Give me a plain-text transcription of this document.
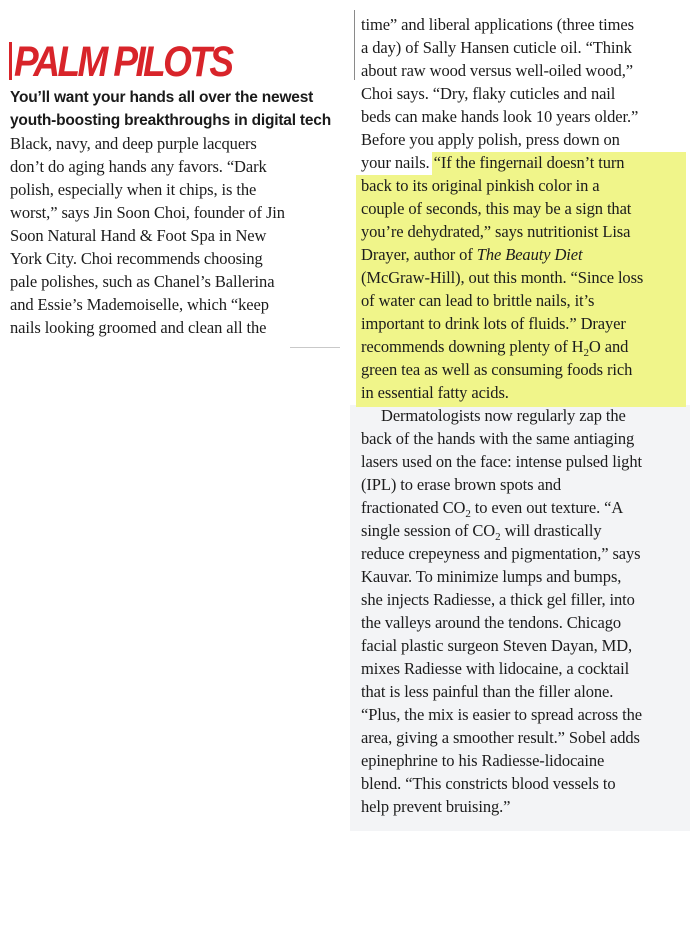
PALM PILOTS
You’ll want your hands all over the newest
youth-boosting breakthroughs in digital tech
Black, navy, and deep purple lacquers
don’t do aging hands any favors. “Dark
polish, especially when it chips, is the
worst,” says Jin Soon Choi, founder of Jin
Soon Natural Hand & Foot Spa in New
York City. Choi recommends choosing
pale polishes, such as Chanel’s Ballerina
and Essie’s Mademoiselle, which “keep
nails looking groomed and clean all the
time” and liberal applications (three times
a day) of Sally Hansen cuticle oil. “Think
about raw wood versus well-oiled wood,”
Choi says. “Dry, flaky cuticles and nail
beds can make hands look 10 years older.”
Before you apply polish, press down on
your nails. “If the fingernail doesn’t turn
back to its original pinkish color in a
couple of seconds, this may be a sign that
you’re dehydrated,” says nutritionist Lisa
Drayer, author of The Beauty Diet
(McGraw-Hill), out this month. “Since loss
of water can lead to brittle nails, it’s
important to drink lots of fluids.” Drayer
recommends downing plenty of $H_2O$ and
green tea as well as consuming foods rich
in essential fatty acids.
Dermatologists now regularly zap the
back of the hands with the same antiaging
lasers used on the face: intense pulsed light
(IPL) to erase brown spots and
fractionated $CO_2$ to even out texture. “A
single session of $CO_2$ will drastically
reduce crepeyness and pigmentation,” says
Kauvar. To minimize lumps and bumps,
she injects Radiesse, a thick gel filler, into
the valleys around the tendons. Chicago
facial plastic surgeon Steven Dayan, MD,
mixes Radiesse with lidocaine, a cocktail
that is less painful than the filler alone.
“Plus, the mix is easier to spread across the
area, giving a smoother result.” Sobel adds
epinephrine to his Radiesse-lidocaine
blend. “This constricts blood vessels to
help prevent bruising.”
